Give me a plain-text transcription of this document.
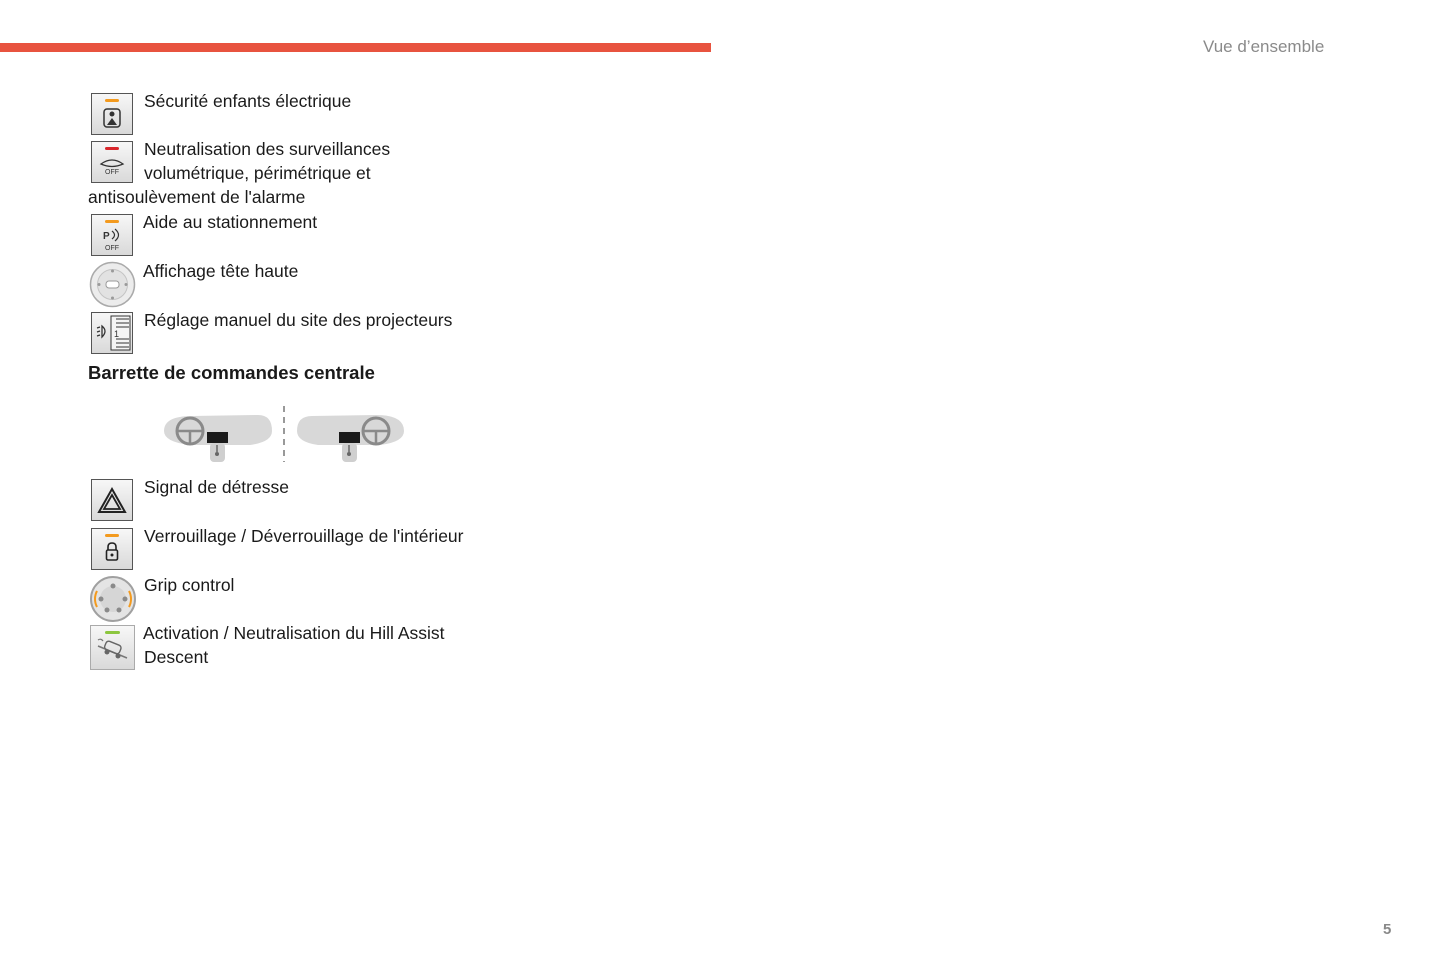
Vue d’ensemble
Sécurité enfants électrique
OFF
Neutralisation des surveillances
volumétrique, périmétrique et
antisoulèvement de l'alarme
P
OFF
Aide au stationnement
Affichage tête haute
1
Réglage manuel du site des projecteurs
Barrette de commandes centrale
Signal de détresse
Verrouillage / Déverrouillage de l'intérieur
Grip control
Activation / Neutralisation du Hill Assist
Descent
5
